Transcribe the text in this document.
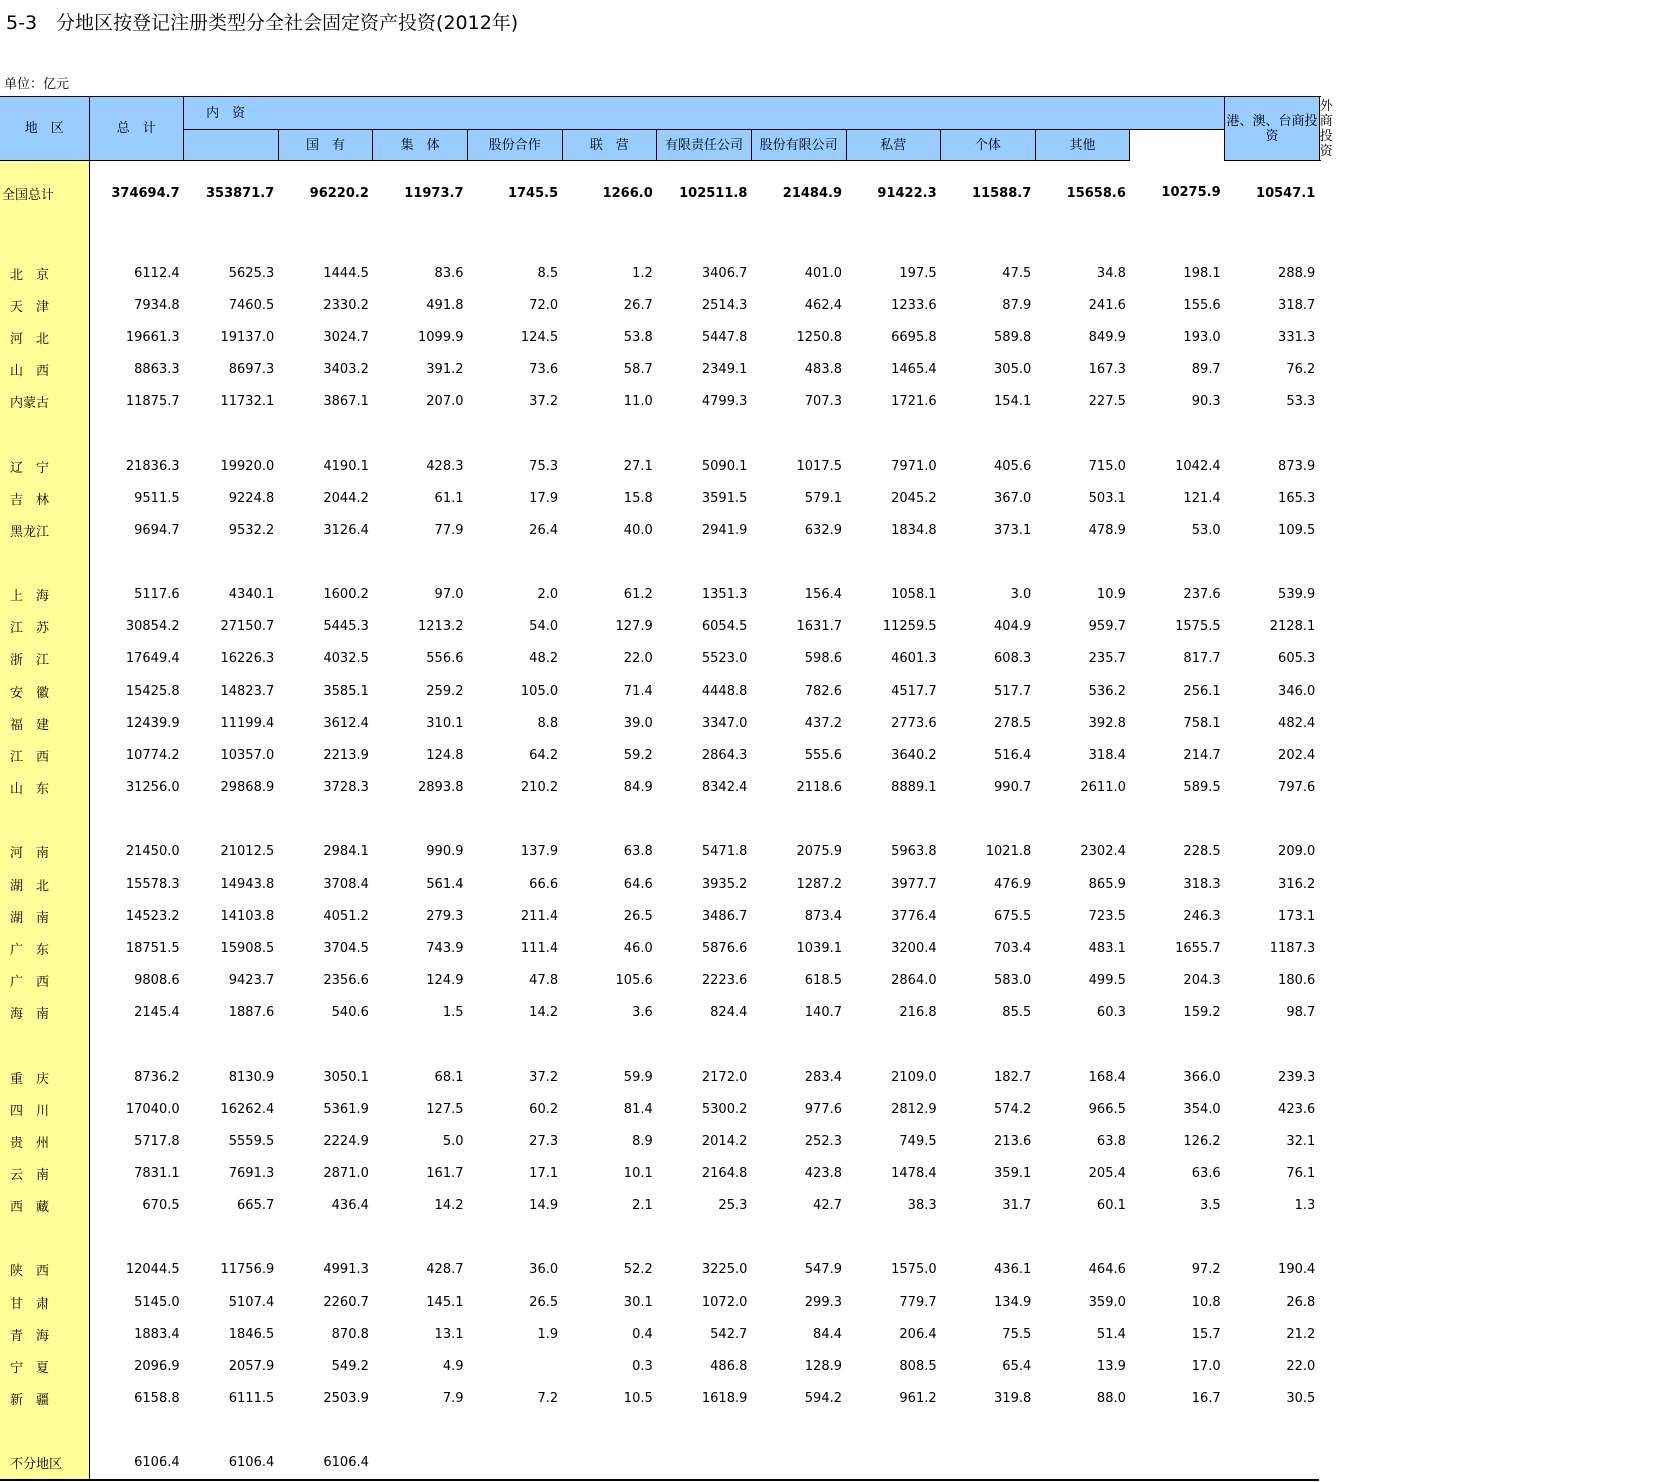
5-3　分地区按登记注册类型分全社会固定资产投资(2012年)
单位：亿元
地　区	总　计	内　资											港、澳、台商投资	外商投资
			国　有	集　体	股份合作	联　营	有限责任公司	股份有限公司	私营	个体	其他			
全国总计	374694.7	353871.7	96220.2	11973.7	1745.5	1266.0	102511.8	21484.9	91422.3	11588.7	15658.6	10275.9	10547.1	

北　京	6112.4	5625.3	1444.5	83.6	8.5	1.2	3406.7	401.0	197.5	47.5	34.8	198.1	288.9	
天　津	7934.8	7460.5	2330.2	491.8	72.0	26.7	2514.3	462.4	1233.6	87.9	241.6	155.6	318.7	
河　北	19661.3	19137.0	3024.7	1099.9	124.5	53.8	5447.8	1250.8	6695.8	589.8	849.9	193.0	331.3	
山　西	8863.3	8697.3	3403.2	391.2	73.6	58.7	2349.1	483.8	1465.4	305.0	167.3	89.7	76.2	
内蒙古	11875.7	11732.1	3867.1	207.0	37.2	11.0	4799.3	707.3	1721.6	154.1	227.5	90.3	53.3	

辽　宁	21836.3	19920.0	4190.1	428.3	75.3	27.1	5090.1	1017.5	7971.0	405.6	715.0	1042.4	873.9	
吉　林	9511.5	9224.8	2044.2	61.1	17.9	15.8	3591.5	579.1	2045.2	367.0	503.1	121.4	165.3	
黑龙江	9694.7	9532.2	3126.4	77.9	26.4	40.0	2941.9	632.9	1834.8	373.1	478.9	53.0	109.5	

上　海	5117.6	4340.1	1600.2	97.0	2.0	61.2	1351.3	156.4	1058.1	3.0	10.9	237.6	539.9	
江　苏	30854.2	27150.7	5445.3	1213.2	54.0	127.9	6054.5	1631.7	11259.5	404.9	959.7	1575.5	2128.1	
浙　江	17649.4	16226.3	4032.5	556.6	48.2	22.0	5523.0	598.6	4601.3	608.3	235.7	817.7	605.3	
安　徽	15425.8	14823.7	3585.1	259.2	105.0	71.4	4448.8	782.6	4517.7	517.7	536.2	256.1	346.0	
福　建	12439.9	11199.4	3612.4	310.1	8.8	39.0	3347.0	437.2	2773.6	278.5	392.8	758.1	482.4	
江　西	10774.2	10357.0	2213.9	124.8	64.2	59.2	2864.3	555.6	3640.2	516.4	318.4	214.7	202.4	
山　东	31256.0	29868.9	3728.3	2893.8	210.2	84.9	8342.4	2118.6	8889.1	990.7	2611.0	589.5	797.6	

河　南	21450.0	21012.5	2984.1	990.9	137.9	63.8	5471.8	2075.9	5963.8	1021.8	2302.4	228.5	209.0	
湖　北	15578.3	14943.8	3708.4	561.4	66.6	64.6	3935.2	1287.2	3977.7	476.9	865.9	318.3	316.2	
湖　南	14523.2	14103.8	4051.2	279.3	211.4	26.5	3486.7	873.4	3776.4	675.5	723.5	246.3	173.1	
广　东	18751.5	15908.5	3704.5	743.9	111.4	46.0	5876.6	1039.1	3200.4	703.4	483.1	1655.7	1187.3	
广　西	9808.6	9423.7	2356.6	124.9	47.8	105.6	2223.6	618.5	2864.0	583.0	499.5	204.3	180.6	
海　南	2145.4	1887.6	540.6	1.5	14.2	3.6	824.4	140.7	216.8	85.5	60.3	159.2	98.7	

重　庆	8736.2	8130.9	3050.1	68.1	37.2	59.9	2172.0	283.4	2109.0	182.7	168.4	366.0	239.3	
四　川	17040.0	16262.4	5361.9	127.5	60.2	81.4	5300.2	977.6	2812.9	574.2	966.5	354.0	423.6	
贵　州	5717.8	5559.5	2224.9	5.0	27.3	8.9	2014.2	252.3	749.5	213.6	63.8	126.2	32.1	
云　南	7831.1	7691.3	2871.0	161.7	17.1	10.1	2164.8	423.8	1478.4	359.1	205.4	63.6	76.1	
西　藏	670.5	665.7	436.4	14.2	14.9	2.1	25.3	42.7	38.3	31.7	60.1	3.5	1.3	

陕　西	12044.5	11756.9	4991.3	428.7	36.0	52.2	3225.0	547.9	1575.0	436.1	464.6	97.2	190.4	
甘　肃	5145.0	5107.4	2260.7	145.1	26.5	30.1	1072.0	299.3	779.7	134.9	359.0	10.8	26.8	
青　海	1883.4	1846.5	870.8	13.1	1.9	0.4	542.7	84.4	206.4	75.5	51.4	15.7	21.2	
宁　夏	2096.9	2057.9	549.2	4.9		0.3	486.8	128.9	808.5	65.4	13.9	17.0	22.0	
新　疆	6158.8	6111.5	2503.9	7.9	7.2	10.5	1618.9	594.2	961.2	319.8	88.0	16.7	30.5	

不分地区	6106.4	6106.4	6106.4											
